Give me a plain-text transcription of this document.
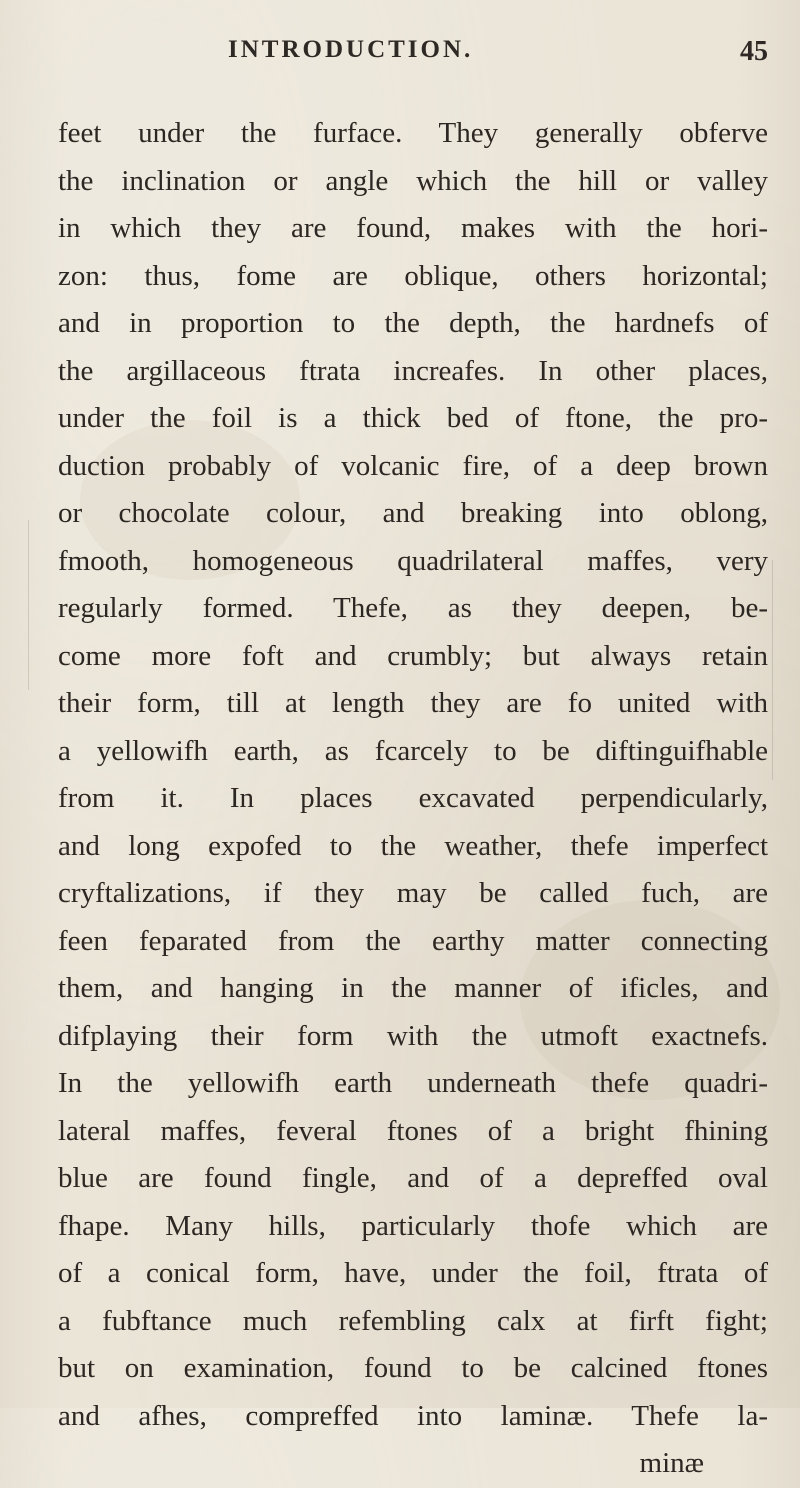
INTRODUCTION.	45
feet under the furface. They generally obferve
the inclination or angle which the hill or valley
in which they are found, makes with the hori-
zon: thus, fome are oblique, others horizontal;
and in proportion to the depth, the hardnefs of
the argillaceous ftrata increafes. In other places,
under the foil is a thick bed of ftone, the pro-
duction probably of volcanic fire, of a deep brown
or chocolate colour, and breaking into oblong,
fmooth, homogeneous quadrilateral maffes, very
regularly formed. Thefe, as they deepen, be-
come more foft and crumbly; but always retain
their form, till at length they are fo united with
a yellowifh earth, as fcarcely to be diftinguifhable
from it. In places excavated perpendicularly,
and long expofed to the weather, thefe imperfect
cryftalizations, if they may be called fuch, are
feen feparated from the earthy matter connecting
them, and hanging in the manner of ificles, and
difplaying their form with the utmoft exactnefs.
In the yellowifh earth underneath thefe quadri-
lateral maffes, feveral ftones of a bright fhining
blue are found fingle, and of a depreffed oval
fhape. Many hills, particularly thofe which are
of a conical form, have, under the foil, ftrata of
a fubftance much refembling calx at firft fight;
but on examination, found to be calcined ftones
and afhes, compreffed into laminæ. Thefe la-
minæ
